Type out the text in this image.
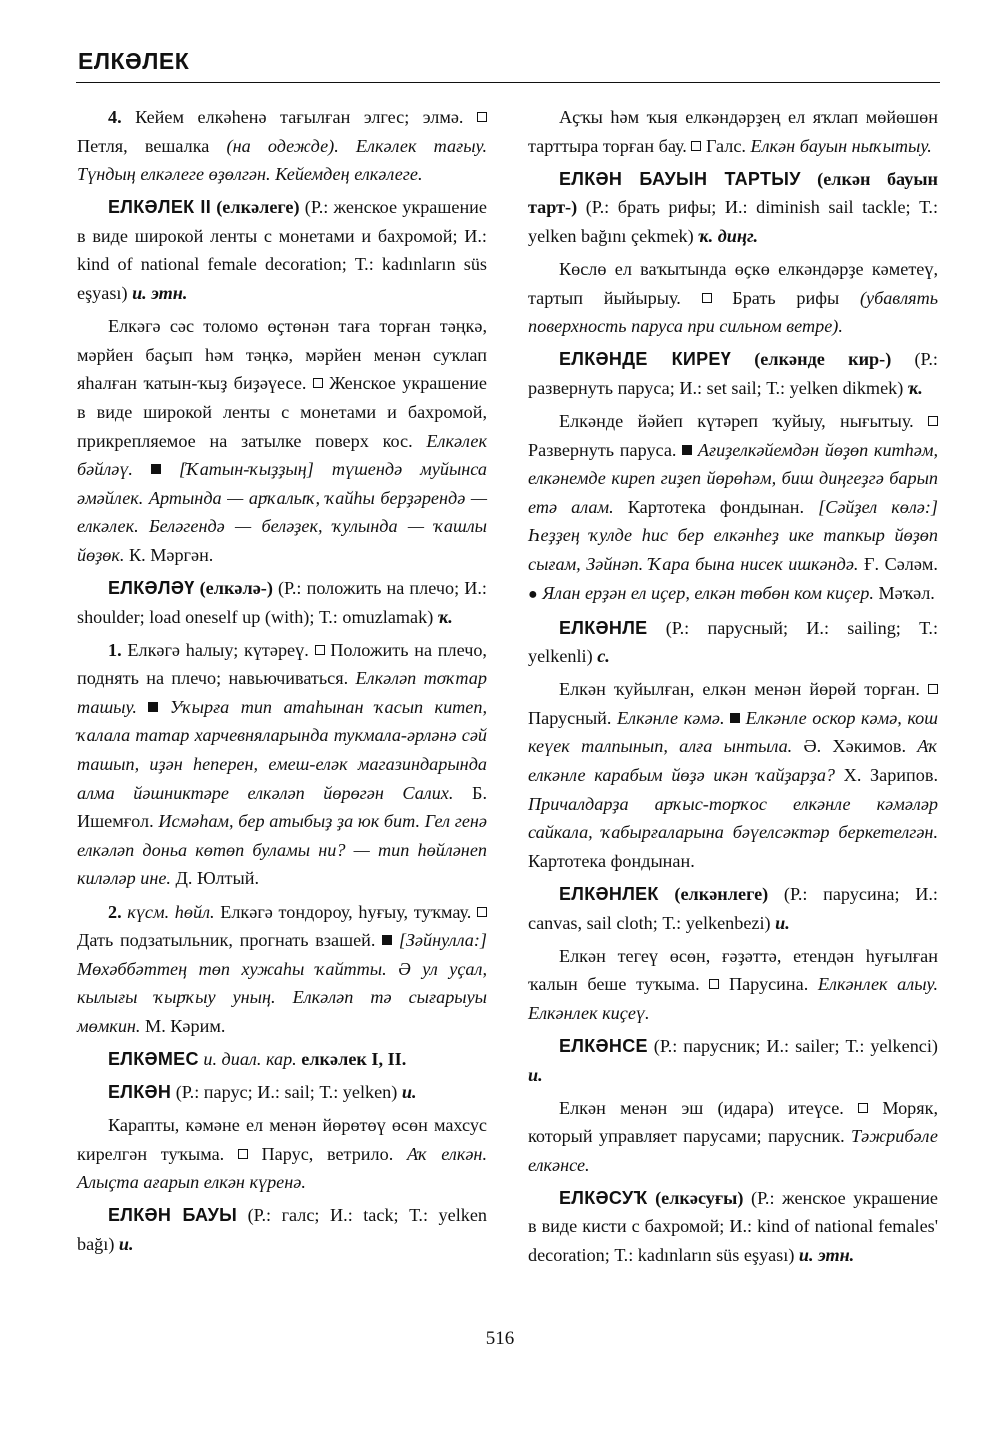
ЕЛКӘЛЕК

4. Кейем елкәһенә тағылған элгес; элмә.  Петля, вешалка (на одежде). Елкәлек тағыу. Түндың елкәлеге өҙөлгән. Кейемдең елкәлеге.

ЕЛКӘЛЕК II (елкәлеге) (Р.: женское украшение в виде широкой ленты с монетами и бахромой; И.: kind of national female decoration; Т.: kadınların süs eşyası) и. этн.

Елкәгә сәс толомо өҫтөнән таға торған тәңкә, мәрйен баҫып һәм тәңкә, мәрйен менән суҡлап яһалған ҡатын-ҡыҙ биҙәүесе.  Женское украшение в виде широкой ленты с монетами и бахромой, прикрепляемое на затылке поверх кос. Елкәлек бәйләү.  [Ҡатын-ҡыҙҙың] түшендә муйынса әмәйлек. Артында — арҡалыҡ, ҡайһы берҙәрендә — елкәлек. Беләгендә — беләҙек, ҡулында — ҡашлы йөҙөк. К. Мәргән.

ЕЛКӘЛӘҮ (елкәлә-) (Р.: положить на плечо; И.: shoulder; load oneself up (with); Т.: omuzlamak) ҡ.

1. Елкәгә һалыу; күтәреү.  Положить на плечо, поднять на плечо; навьючиваться. Елкәләп тоҡтар ташыу.  Уҡырға тип атаһынан ҡасып китеп, ҡалала татар харчевняларында тукмала-әрләнә сәй ташып, иҙән һеперен, емеш-еләк магазиндарында алма йәшниктәре елкәләп йөрөгән Салих. Б. Ишемғол. Исмәһам, бер атыбыҙ ҙа юк бит. Гел генә елкәләп доньа көтөп буламы ни? — тип һөйләнеп киләләр ине. Д. Юлтый.

2. күсм. һөйл. Елкәгә тондороу, һуғыу, туҡмау.  Дать подзатыльник, прогнать взашей.  [Зәйнулла:] Мөхәббәттең төп хужаһы ҡайтты. Ә ул уҫал, кылығы ҡырҡыу уның. Елкәләп тә сығарыуы мөмкин. М. Кәрим.

ЕЛКӘМЕС и. диал. кар. елкәлек I, II.

ЕЛКӘН (Р.: парус; И.: sail; Т.: yelken) и.

Карапты, кәмәне ел менән йөрөтөү өсөн махсус кирелгән туҡыма.  Парус, ветрило. Аҡ елкән. Алыҫта ағарып елкән күренә.

ЕЛКӘН БАУЫ (Р.: галс; И.: tack; Т.: yelken bağı) и.

Аҫҡы һәм ҡыя елкәндәрҙең ел яҡлап мөйөшөн тарттыра торған бау.  Галс. Елкән бауын ныҡытыу.

ЕЛКӘН БАУЫН ТАРТЫУ (елкән бауын тарт-) (Р.: брать рифы; И.: diminish sail tackle; Т.: yelken bağını çekmek) ҡ. диңг.

Көслө ел ваҡытында өҫкө елкәндәрҙе кәметеү, тартып йыйырыу.  Брать рифы (убавлять поверхность паруса при сильном ветре).

ЕЛКӘНДЕ КИРЕҮ (елкәнде кир-) (Р.: развернуть паруса; И.: set sail; Т.: yelken dikmek) ҡ.

Елкәнде йәйеп күтәреп ҡуйыу, нығытыу.  Развернуть паруса.  Ағиҙелкәйемдән йөҙөп китһәм, елкәнемде кирeп гиҙеп йөрөһәм, биш диңгеҙгә барып етә алам. Картотека фондынан. [Сәйҙел көлә:] Һеҙҙең ҡулде һис бер елкәнһеҙ ике тапкыр йөҙөп сығам, Зәйнәп. Ҡара бына нисек ишкәндә. Ғ. Сәләм. ● Ялан ерҙән ел иҫер, елкән төбөн ком киҫер. Мәҡәл.

ЕЛКӘНЛЕ (Р.: парусный; И.: sailing; Т.: yelkenli) с.

Елкән ҡуйылған, елкән менән йөрөй торған.  Парусный. Елкәнле кәмә.  Елкәнле оскор кәмә, кош кеүек талпынып, алға ынтыла. Ә. Хәкимов. Аҡ елкәнле карабым йөҙә икән ҡайҙарҙа? Х. Зарипов. Причалдарҙа арҡыс-торҡос елкәнле кәмәләр сайкала, ҡабырғаларына бәүелсәктәр беркетелгән. Картотека фондынан.

ЕЛКӘНЛЕК (елкәнлеге) (Р.: парусина; И.: canvas, sail cloth; Т.: yelkenbezi) и.

Елкән тегеү өсөн, ғәҙәттә, етендән һуғылған ҡалын беше туҡыма.  Парусина. Елкәнлек алыу. Елкәнлек киҫеү.

ЕЛКӘНСЕ (Р.: парусник; И.: sailer; Т.: yelkenci) и.

Елкән менән эш (идара) итеүсе.  Моряк, который управляет парусами; парусник. Тәжрибәле елкәнсе.

ЕЛКӘСУҠ (елкәсуғы) (Р.: женское украшение в виде кисти с бахромой; И.: kind of national females' decoration; Т.: kadınların süs eşyası) и. этн.

516
